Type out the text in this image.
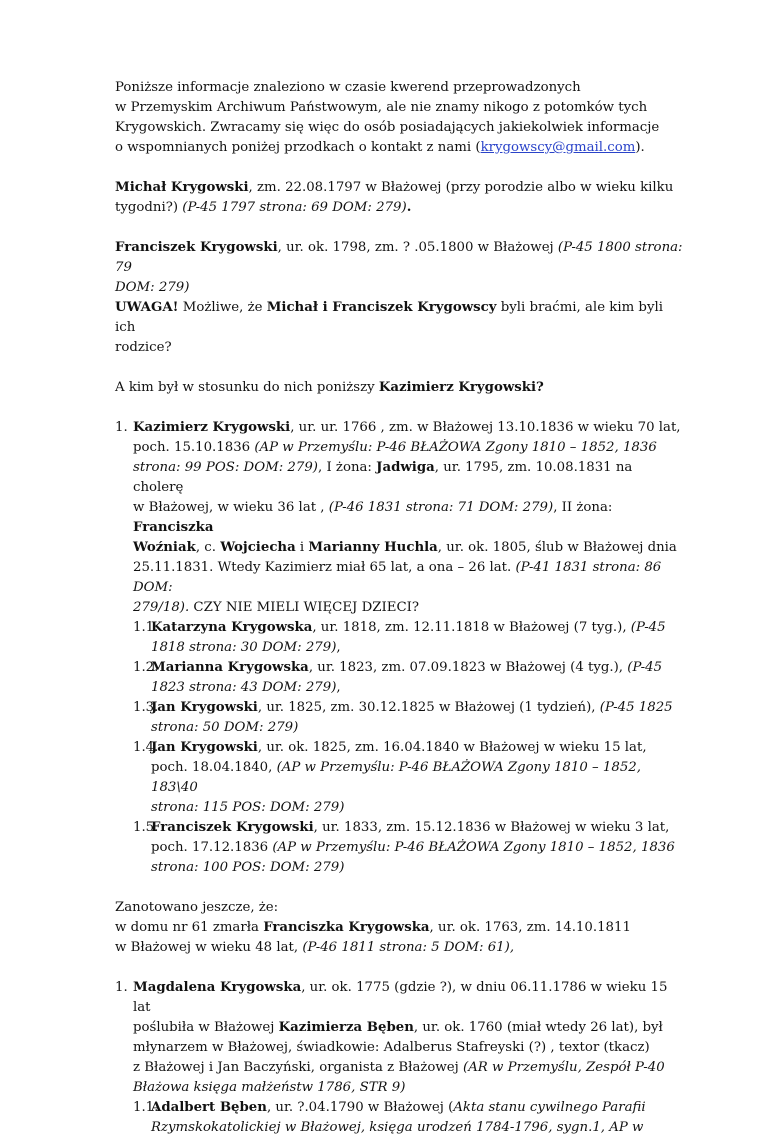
Poniższe informacje znaleziono w czasie kwerend przeprowadzonych
w Przemyskim Archiwum Państwowym, ale nie znamy nikogo z potomków tych
Krygowskich. Zwracamy się więc do osób posiadających jakiekolwiek informacje
o wspomnianych poniżej przodkach o kontakt z nami (krygowscy@gmail.com).

Michał Krygowski, zm. 22.08.1797 w Błażowej (przy porodzie albo w wieku kilku
tygodni?) (P-45 1797 strona: 69 DOM: 279).

Franciszek Krygowski, ur. ok. 1798, zm. ? .05.1800 w Błażowej (P-45 1800 strona: 79
DOM: 279)
UWAGA! Możliwe, że Michał i Franciszek Krygowscy byli braćmi, ale kim byli ich
rodzice?

A kim był w stosunku do nich poniższy Kazimierz Krygowski?

1. Kazimierz Krygowski, ur. ur. 1766 , zm. w Błażowej 13.10.1836 w wieku 70 lat,
poch. 15.10.1836 (AP w Przemyślu: P-46 BŁAŻOWA Zgony 1810 – 1852, 1836
strona: 99 POS: DOM: 279), I żona: Jadwiga, ur. 1795, zm. 10.08.1831 na cholerę
w Błażowej, w wieku 36 lat , (P-46 1831 strona: 71 DOM: 279), II żona: Franciszka
Woźniak, c. Wojciecha i Marianny Huchla, ur. ok. 1805, ślub w Błażowej dnia
25.11.1831. Wtedy Kazimierz miał 65 lat, a ona – 26 lat. (P-41 1831 strona: 86 DOM:
279/18). CZY NIE MIELI WIĘCEJ DZIECI?
1.1.
Katarzyna Krygowska, ur. 1818, zm. 12.11.1818 w Błażowej (7 tyg.), (P-45
1818 strona: 30 DOM: 279),
1.2.
Marianna Krygowska, ur. 1823, zm. 07.09.1823 w Błażowej (4 tyg.), (P-45
1823 strona: 43 DOM: 279),
1.3.
Jan Krygowski, ur. 1825, zm. 30.12.1825 w Błażowej (1 tydzień), (P-45 1825
strona: 50 DOM: 279)
1.4.
Jan Krygowski, ur. ok. 1825, zm. 16.04.1840 w Błażowej w wieku 15 lat,
poch. 18.04.1840, (AP w Przemyślu: P-46 BŁAŻOWA Zgony 1810 – 1852, 183\40
strona: 115 POS: DOM: 279)
1.5.
Franciszek Krygowski, ur. 1833, zm. 15.12.1836 w Błażowej w wieku 3 lat,
poch. 17.12.1836 (AP w Przemyślu: P-46 BŁAŻOWA Zgony 1810 – 1852, 1836
strona: 100 POS: DOM: 279)

Zanotowano jeszcze, że:
w domu nr 61 zmarła Franciszka Krygowska, ur. ok. 1763, zm. 14.10.1811
w Błażowej w wieku 48 lat, (P-46 1811 strona: 5 DOM: 61),

1. Magdalena Krygowska, ur. ok. 1775 (gdzie ?), w dniu 06.11.1786 w wieku 15 lat
poślubiła w Błażowej Kazimierza Bęben, ur. ok. 1760 (miał wtedy 26 lat), był
młynarzem w Błażowej, świadkowie: Adalberus Stafreyski (?) , textor (tkacz)
z Błażowej i Jan Baczyński, organista z Błażowej (AR w Przemyślu, Zespół P-40
Błażowa księga małżeństw 1786, STR 9)
1.1.
Adalbert Bęben, ur. ?.04.1790 w Błażowej (Akta stanu cywilnego Parafii
Rzymskokatolickiej w Błażowej, księga urodzeń 1784-1796, sygn.1, AP w
